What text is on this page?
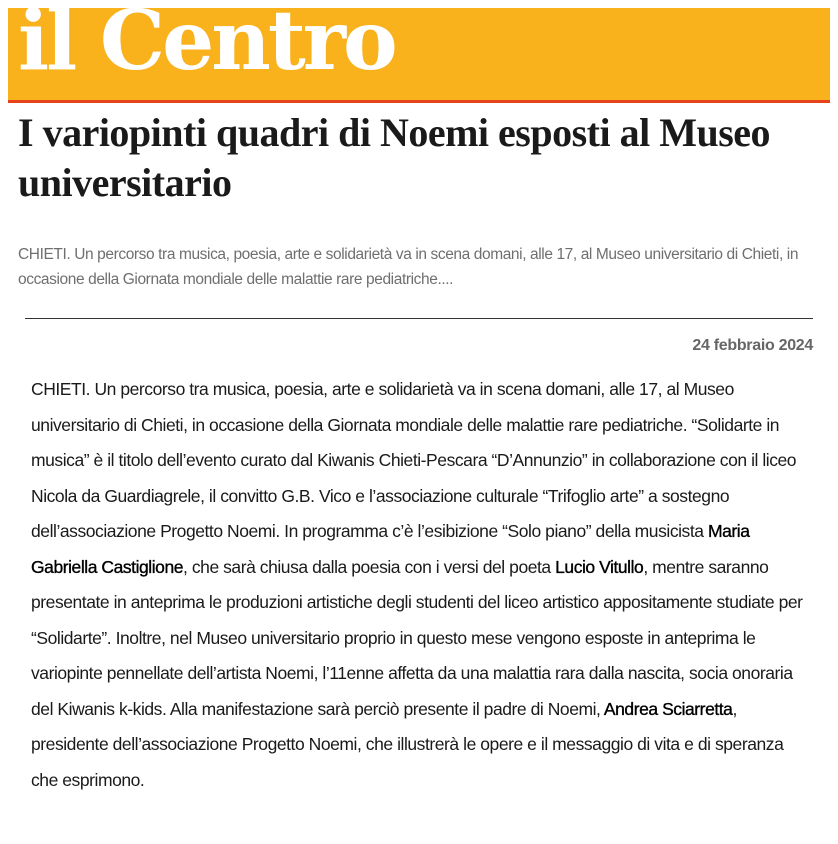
il Centro
I variopinti quadri di Noemi esposti al Museo universitario

CHIETI. Un percorso tra musica, poesia, arte e solidarietà va in scena domani, alle 17, al Museo universitario di Chieti, in occasione della Giornata mondiale delle malattie rare pediatriche....

24 febbraio 2024

CHIETI. Un percorso tra musica, poesia, arte e solidarietà va in scena domani, alle 17, al Museo universitario di Chieti, in occasione della Giornata mondiale delle malattie rare pediatriche. “Solidarte in musica” è il titolo dell’evento curato dal Kiwanis Chieti-Pescara “D’Annunzio” in collaborazione con il liceo Nicola da Guardiagrele, il convitto G.B. Vico e l’associazione culturale “Trifoglio arte” a sostegno dell’associazione Progetto Noemi. In programma c’è l’esibizione “Solo piano” della musicista Maria Gabriella Castiglione, che sarà chiusa dalla poesia con i versi del poeta Lucio Vitullo, mentre saranno presentate in anteprima le produzioni artistiche degli studenti del liceo artistico appositamente studiate per “Solidarte”. Inoltre, nel Museo universitario proprio in questo mese vengono esposte in anteprima le variopinte pennellate dell’artista Noemi, l’11enne affetta da una malattia rara dalla nascita, socia onoraria del Kiwanis k-kids. Alla manifestazione sarà perciò presente il padre di Noemi, Andrea Sciarretta, presidente dell’associazione Progetto Noemi, che illustrerà le opere e il messaggio di vita e di speranza che esprimono.
